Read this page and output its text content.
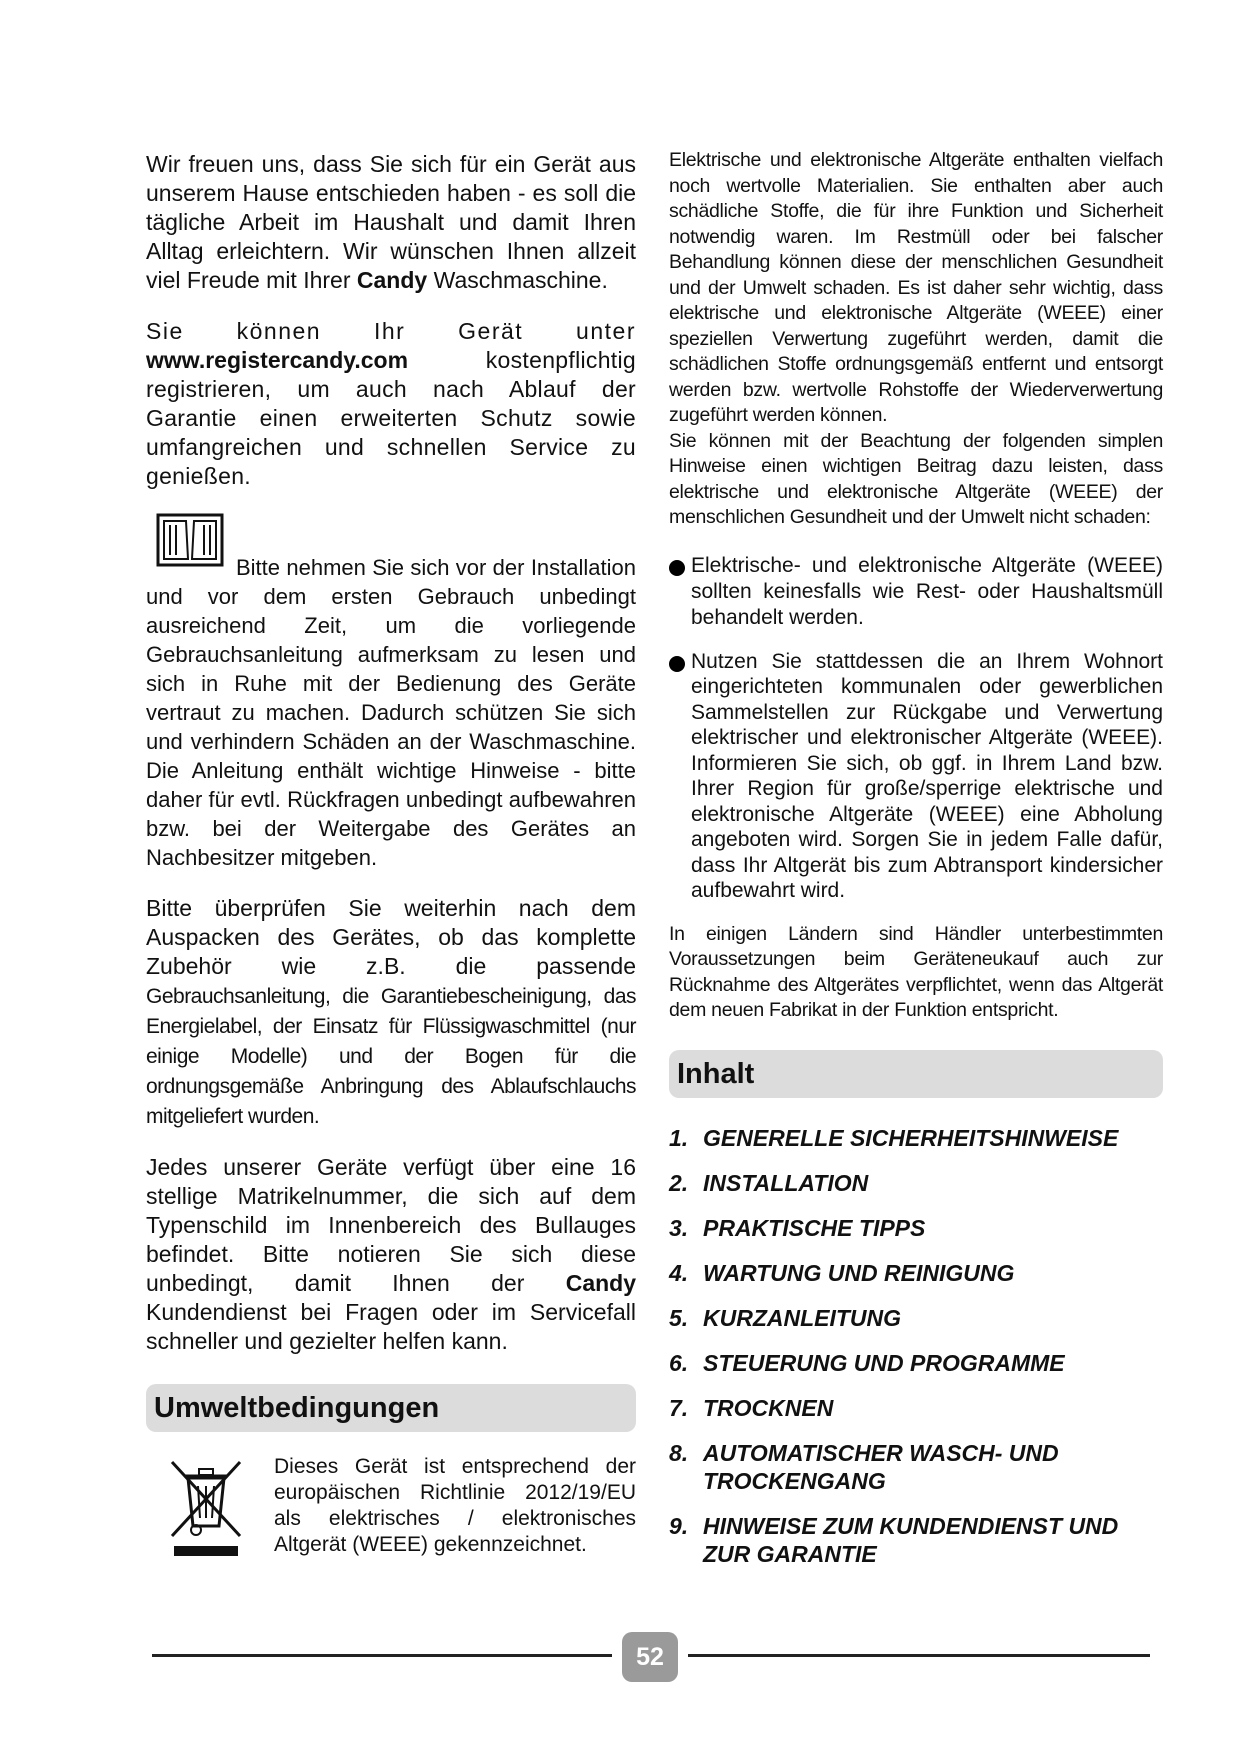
Wir freuen uns, dass Sie sich für ein Gerät aus unserem Hause entschieden haben - es soll die tägliche Arbeit im Haushalt und damit Ihren Alltag erleichtern. Wir wünschen Ihnen allzeit viel Freude mit Ihrer Candy Waschmaschine.

Sie können Ihr Gerät unter www.registercandy.com kostenpflichtig registrieren, um auch nach Ablauf der Garantie einen erweiterten Schutz sowie umfangreichen und schnellen Service zu genießen.

Bitte nehmen Sie sich vor der Installation und vor dem ersten Gebrauch unbedingt ausreichend Zeit, um die vorliegende Gebrauchsanleitung aufmerksam zu lesen und sich in Ruhe mit der Bedienung des Geräte vertraut zu machen. Dadurch schützen Sie sich und verhindern Schäden an der Waschmaschine. Die Anleitung enthält wichtige Hinweise - bitte daher für evtl. Rückfragen unbedingt aufbewahren bzw. bei der Weitergabe des Gerätes an Nachbesitzer mitgeben.

Bitte überprüfen Sie weiterhin nach dem Auspacken des Gerätes, ob das komplette Zubehör wie z.B. die passende Gebrauchsanleitung, die Garantiebescheinigung, das Energielabel, der Einsatz für Flüssigwaschmittel (nur einige Modelle) und der Bogen für die ordnungsgemäße Anbringung des Ablaufschlauchs mitgeliefert wurden.

Jedes unserer Geräte verfügt über eine 16 stellige Matrikelnummer, die sich auf dem Typenschild im Innenbereich des Bullauges befindet. Bitte notieren Sie sich diese unbedingt, damit Ihnen der Candy Kundendienst bei Fragen oder im Servicefall schneller und gezielter helfen kann.

Umweltbedingungen

Dieses Gerät ist entsprechend der europäischen Richtlinie 2012/19/EU als elektrisches / elektronisches Altgerät (WEEE) gekennzeichnet.

Elektrische und elektronische Altgeräte enthalten vielfach noch wertvolle Materialien. Sie enthalten aber auch schädliche Stoffe, die für ihre Funktion und Sicherheit notwendig waren. Im Restmüll oder bei falscher Behandlung können diese der menschlichen Gesundheit und der Umwelt schaden. Es ist daher sehr wichtig, dass elektrische und elektronische Altgeräte (WEEE) einer speziellen Verwertung zugeführt werden, damit die schädlichen Stoffe ordnungsgemäß entfernt und entsorgt werden bzw. wertvolle Rohstoffe der Wiederverwertung zugeführt werden können.

Sie können mit der Beachtung der folgenden simplen Hinweise einen wichtigen Beitrag dazu leisten, dass elektrische und elektronische Altgeräte (WEEE) der menschlichen Gesundheit und der Umwelt nicht schaden:

Elektrische- und elektronische Altgeräte (WEEE) sollten keinesfalls wie Rest- oder Haushaltsmüll behandelt werden.

Nutzen Sie stattdessen die an Ihrem Wohnort eingerichteten kommunalen oder gewerblichen Sammelstellen zur Rückgabe und Verwertung elektrischer und elektronischer Altgeräte (WEEE). Informieren Sie sich, ob ggf. in Ihrem Land bzw. Ihrer Region für große/sperrige elektrische und elektronische Altgeräte (WEEE) eine Abholung angeboten wird. Sorgen Sie in jedem Falle dafür, dass Ihr Altgerät bis zum Abtransport kindersicher aufbewahrt wird.

In einigen Ländern sind Händler unterbestimmten Voraussetzungen beim Geräteneukauf auch zur Rücknahme des Altgerätes verpflichtet, wenn das Altgerät dem neuen Fabrikat in der Funktion entspricht.

Inhalt
1. GENERELLE SICHERHEITSHINWEISE
2. INSTALLATION
3. PRAKTISCHE TIPPS
4. WARTUNG UND REINIGUNG
5. KURZANLEITUNG
6. STEUERUNG UND PROGRAMME
7. TROCKNEN
8. AUTOMATISCHER WASCH- UND TROCKENGANG
9. HINWEISE ZUM KUNDENDIENST UND ZUR GARANTIE
52
